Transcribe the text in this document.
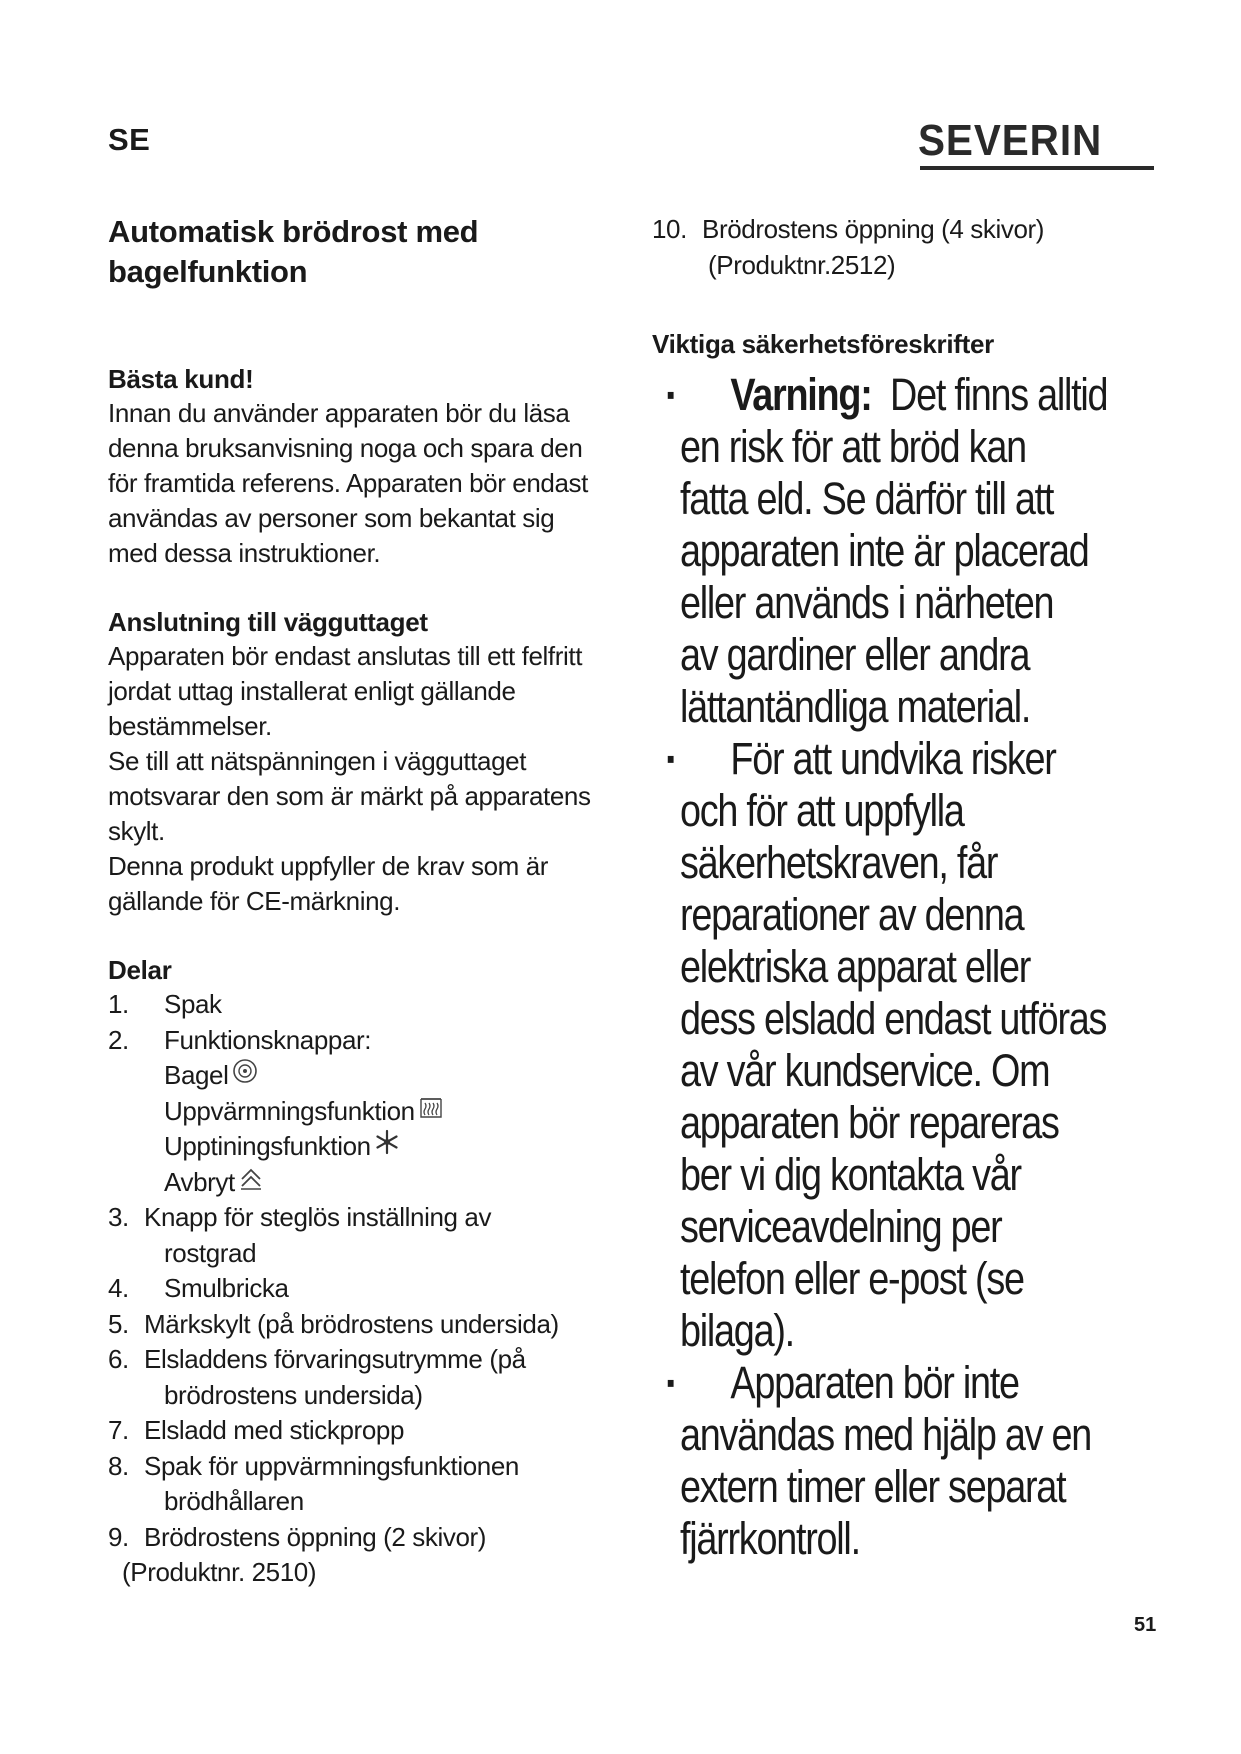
SE	SEVERIN
Automatisk brödrost med
bagelfunktion
Bästa kund!
Innan du använder apparaten bör du läsa
denna bruksanvisning noga och spara den
för framtida referens. Apparaten bör endast
användas av personer som bekantat sig
med dessa instruktioner.
Anslutning till vägguttaget
Apparaten bör endast anslutas till ett felfritt
jordat uttag installerat enligt gällande
bestämmelser.
Se till att nätspänningen i vägguttaget
motsvarar den som är märkt på apparatens
skylt.
Denna produkt uppfyller de krav som är
gällande för CE-märkning.
Delar
1.	Spak
2.	Funktionsknappar:
Bagel
Uppvärmningsfunktion
Upptiningsfunktion
Avbryt
3. Knapp för steglös inställning av
rostgrad
4.	Smulbricka
5. Märkskylt (på brödrostens undersida)
6. Elsladdens förvaringsutrymme (på
brödrostens undersida)
7. Elsladd med stickpropp
8. Spak för uppvärmningsfunktionen
brödhållaren
9. Brödrostens öppning (2 skivor)
(Produktnr. 2510)
10. Brödrostens öppning (4 skivor)
(Produktnr.2512)
Viktiga säkerhetsföreskrifter
▪	Varning: Det finns alltid
en risk för att bröd kan
fatta eld. Se därför till att
apparaten inte är placerad
eller används i närheten
av gardiner eller andra
lättantändliga material.
▪	För att undvika risker
och för att uppfylla
säkerhetskraven, får
reparationer av denna
elektriska apparat eller
dess elsladd endast utföras
av vår kundservice. Om
apparaten bör repareras
ber vi dig kontakta vår
serviceavdelning per
telefon eller e-post (se
bilaga).
▪	Apparaten bör inte
användas med hjälp av en
extern timer eller separat
fjärrkontroll.
51
